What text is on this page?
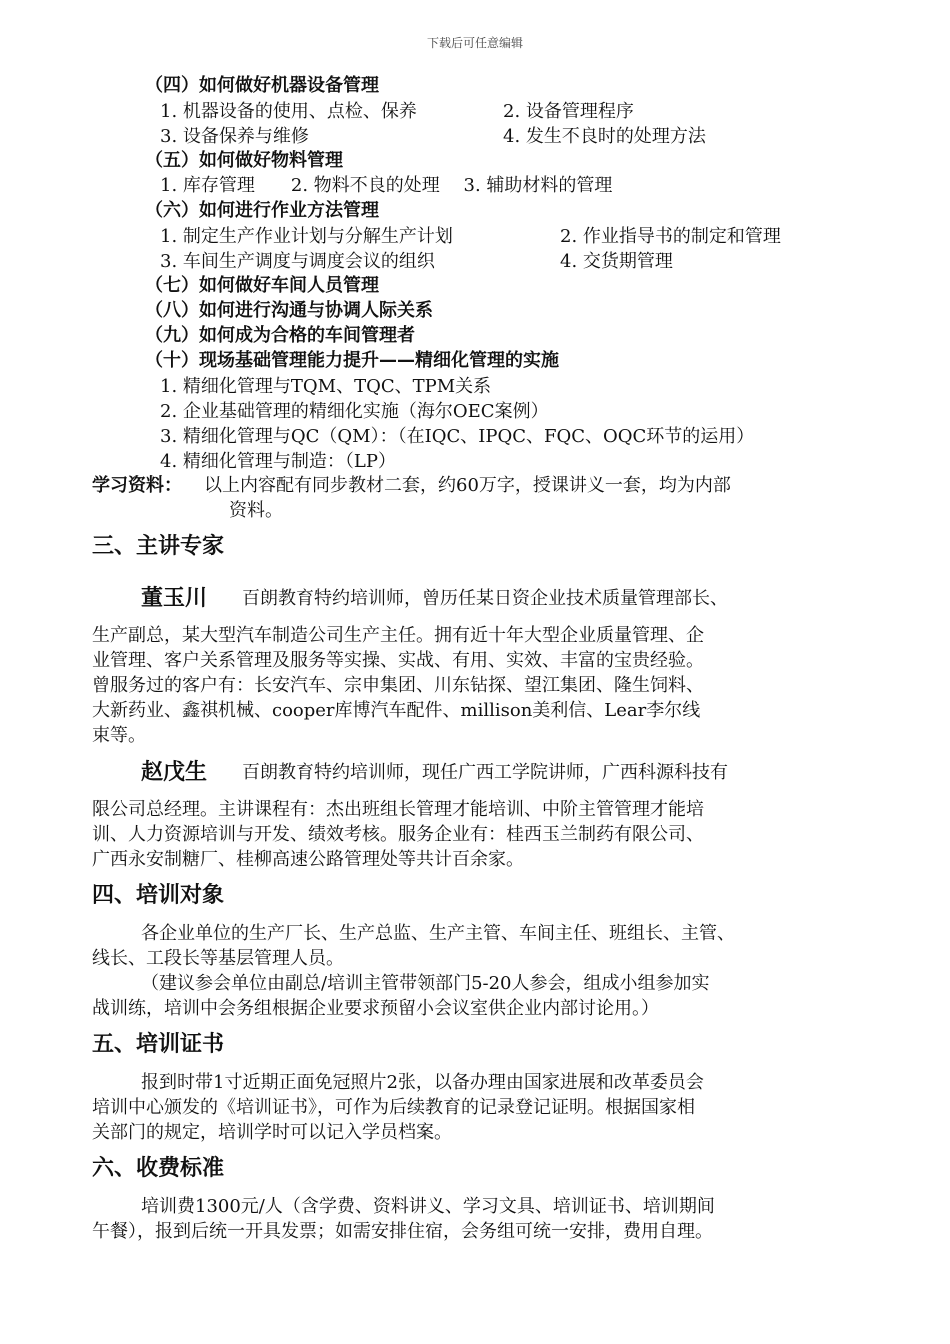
下载后可任意编辑
（四）如何做好机器设备管理
1. 机器设备的使用、点检、保养	2. 设备管理程序
3. 设备保养与维修	4. 发生不良时的处理方法
（五）如何做好物料管理
1. 库存管理　　2. 物料不良的处理　 3. 辅助材料的管理
（六）如何进行作业方法管理
1. 制定生产作业计划与分解生产计划	2. 作业指导书的制定和管理
3. 车间生产调度与调度会议的组织	4. 交货期管理
（七）如何做好车间人员管理
（八）如何进行沟通与协调人际关系
（九）如何成为合格的车间管理者
（十）现场基础管理能力提升——精细化管理的实施
1. 精细化管理与TQM、TQC、TPM关系
2. 企业基础管理的精细化实施（海尔OEC案例）
3. 精细化管理与QC（QM）：（在IQC、IPQC、FQC、OQC环节的运用）
4. 精细化管理与制造：（LP）
学习资料： 以上内容配有同步教材二套，约60万字，授课讲义一套，均为内部
资料。
三、主讲专家
董玉川 百朗教育特约培训师，曾历任某日资企业技术质量管理部长、
生产副总，某大型汽车制造公司生产主任。拥有近十年大型企业质量管理、企
业管理、客户关系管理及服务等实操、实战、有用、实效、丰富的宝贵经验。
曾服务过的客户有：长安汽车、宗申集团、川东钻探、望江集团、隆生饲料、
大新药业、鑫祺机械、cooper库博汽车配件、millison美利信、Lear李尔线
束等。
赵戊生 百朗教育特约培训师，现任广西工学院讲师，广西科源科技有
限公司总经理。主讲课程有：杰出班组长管理才能培训、中阶主管管理才能培
训、人力资源培训与开发、绩效考核。服务企业有：桂西玉兰制药有限公司、
广西永安制糖厂、桂柳高速公路管理处等共计百余家。
四、培训对象
各企业单位的生产厂长、生产总监、生产主管、车间主任、班组长、主管、
线长、工段长等基层管理人员。
（建议参会单位由副总/培训主管带领部门5-20人参会，组成小组参加实
战训练，培训中会务组根据企业要求预留小会议室供企业内部讨论用。）
五、培训证书
报到时带1寸近期正面免冠照片2张，以备办理由国家进展和改革委员会
培训中心颁发的《培训证书》，可作为后续教育的记录登记证明。根据国家相
关部门的规定，培训学时可以记入学员档案。
六、收费标准
培训费1300元/人（含学费、资料讲义、学习文具、培训证书、培训期间
午餐），报到后统一开具发票；如需安排住宿，会务组可统一安排，费用自理。
